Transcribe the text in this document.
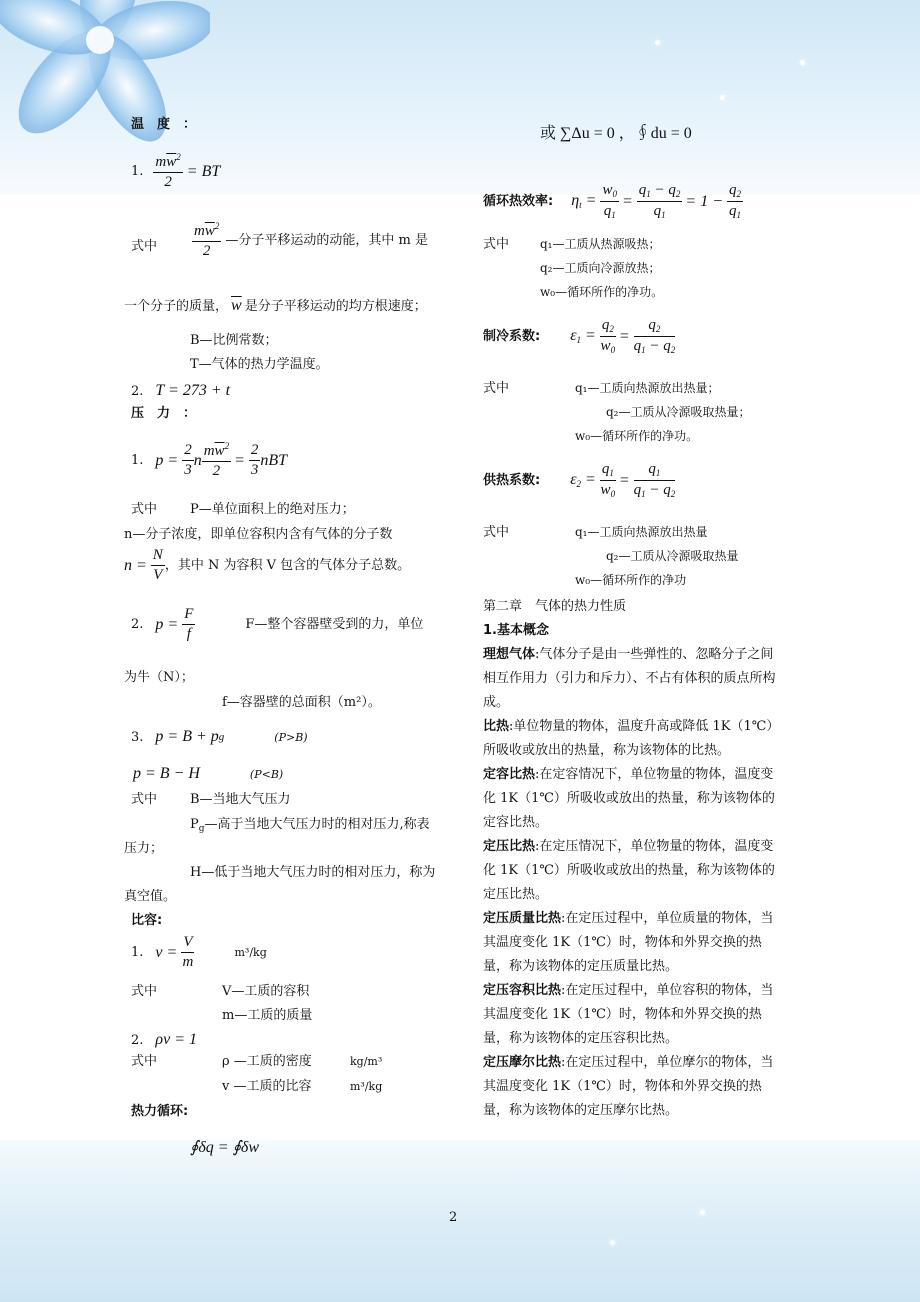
温　度　：
1. $\frac{m\overline{w}^2}{2}$ = BT
式中 $\frac{m\overline{w}^2}{2}$ —分子平移运动的动能，其中 m 是
一个分子的质量， $\overline{w}$ 是分子平移运动的均方根速度；
B—比例常数；
T—气体的热力学温度。
2. T = 273 + t
压　力　：
1. $p = \frac{2}{3}$ n $\frac{m\overline{w}^2}{2} = \frac{2}{3}$ nBT
式中	P—单位面积上的绝对压力；
n—分子浓度，即单位容积内含有气体的分子数
$n = \frac{N}{V}$ ，其中 N 为容积 V 包含的气体分子总数。
2. $p = \frac{F}{f}$	F—整个容器壁受到的力，单位
为牛（N）；
f—容器壁的总面积（m²）。
3. p = B + p g	(P>B)
p = B − H	(P<B)
式中	B—当地大气压力
$P_g—$高于当地大气压力时的相对压力,称表
压力；
H—低于当地大气压力时的相对压力，称为
真空值。
比容:
1. $v = \frac{V}{m}$	m³/kg
式中	V—工质的容积
m—工质的质量
2. ρv = 1
式中	ρ —工质的密度	kg/m³
v —工质的比容	m³/kg
热力循环:
∮δq = ∮δw
或 ∑Δu = 0 ，∮du = 0
循环热效率: $\eta_t = \frac{w_0}{q_1} = \frac{q_1 - q_2}{q_1} = 1 - \frac{q_2}{q_1}$
式中	q₁—工质从热源吸热；
q₂—工质向冷源放热；
w₀—循环所作的净功。
制冷系数: $\varepsilon_1 = \frac{q_2}{w_0} = \frac{q_2}{q_1 - q_2}$
式中	q₁—工质向热源放出热量；
q₂—工质从冷源吸取热量；
w₀—循环所作的净功。
供热系数: $\varepsilon_2 = \frac{q_1}{w_0} = \frac{q_1}{q_1 - q_2}$
式中	q₁—工质向热源放出热量
q₂—工质从冷源吸取热量
w₀—循环所作的净功
第二章　气体的热力性质
1.基本概念
理想气体:气体分子是由一些弹性的、忽略分子之间相互作用力（引力和斥力）、不占有体积的质点所构成。
比热:单位物量的物体，温度升高或降低 1K（1℃）所吸收或放出的热量，称为该物体的比热。
定容比热:在定容情况下，单位物量的物体，温度变化 1K（1℃）所吸收或放出的热量，称为该物体的定容比热。
定压比热:在定压情况下，单位物量的物体，温度变化 1K（1℃）所吸收或放出的热量，称为该物体的定压比热。
定压质量比热:在定压过程中，单位质量的物体，当其温度变化 1K（1℃）时，物体和外界交换的热量，称为该物体的定压质量比热。
定压容积比热:在定压过程中，单位容积的物体，当其温度变化 1K（1℃）时，物体和外界交换的热量，称为该物体的定压容积比热。
定压摩尔比热:在定压过程中，单位摩尔的物体，当其温度变化 1K（1℃）时，物体和外界交换的热量，称为该物体的定压摩尔比热。
2
